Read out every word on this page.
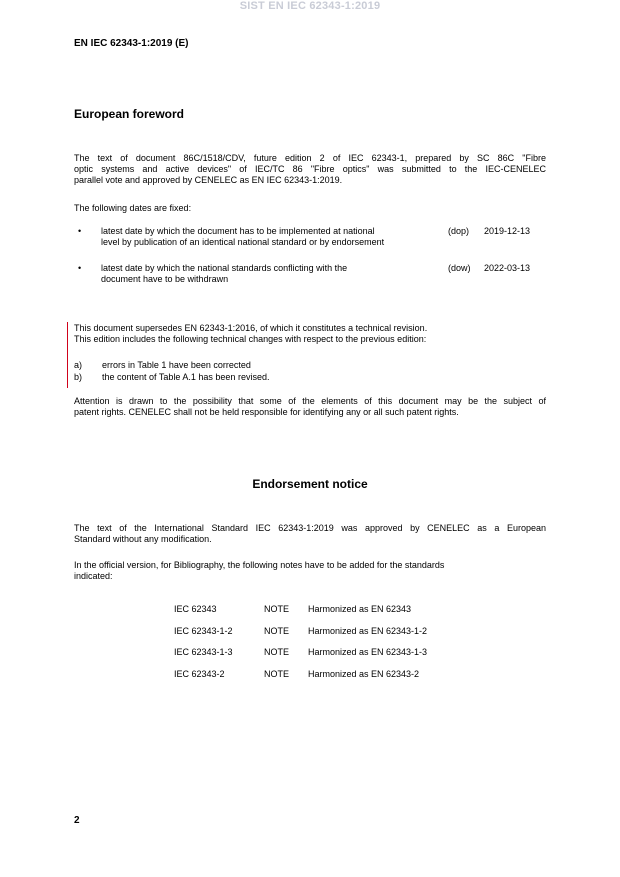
SIST EN IEC 62343-1:2019
EN IEC 62343-1:2019 (E)
European foreword
The text of document 86C/1518/CDV, future edition 2 of IEC 62343-1, prepared by SC 86C "Fibre
optic systems and active devices" of IEC/TC 86 "Fibre optics" was submitted to the IEC-CENELEC
parallel vote and approved by CENELEC as EN IEC 62343-1:2019.
The following dates are fixed:
• latest date by which the document has to be implemented at national
level by publication of an identical national standard or by endorsement
(dop) 2019-12-13
• latest date by which the national standards conflicting with the
document have to be withdrawn
(dow) 2022-03-13
This document supersedes EN 62343-1:2016, of which it constitutes a technical revision.
This edition includes the following technical changes with respect to the previous edition:
a) errors in Table 1 have been corrected
b) the content of Table A.1 has been revised.
Attention is drawn to the possibility that some of the elements of this document may be the subject of
patent rights. CENELEC shall not be held responsible for identifying any or all such patent rights.
Endorsement notice
The text of the International Standard IEC 62343-1:2019 was approved by CENELEC as a European
Standard without any modification.
In the official version, for Bibliography, the following notes have to be added for the standards
indicated:
IEC 62343	NOTE Harmonized as EN 62343
IEC 62343-1-2	NOTE Harmonized as EN 62343-1-2
IEC 62343-1-3	NOTE Harmonized as EN 62343-1-3
IEC 62343-2	NOTE Harmonized as EN 62343-2
2
